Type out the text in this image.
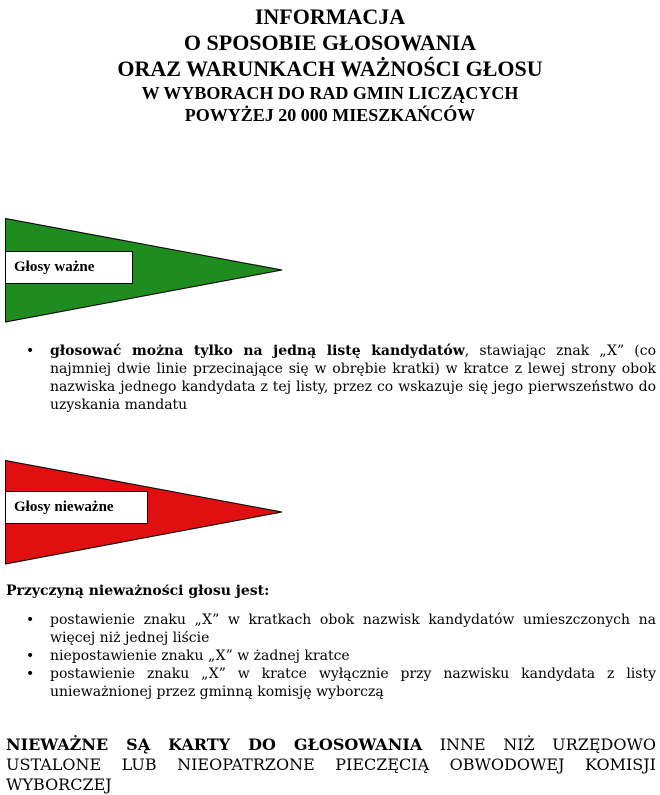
INFORMACJA
O SPOSOBIE GŁOSOWANIA
ORAZ WARUNKACH WAŻNOŚCI GŁOSU
W WYBORACH DO RAD GMIN LICZĄCYCH
POWYŻEJ 20 000 MIESZKAŃCÓW
Głosy ważne
• głosować można tylko na jedną listę kandydatów, stawiając znak „X” (co najmniej dwie linie przecinające się w obrębie kratki) w kratce z lewej strony obok nazwiska jednego kandydata z tej listy, przez co wskazuje się jego pierwszeństwo do uzyskania mandatu
Głosy nieważne
Przyczyną nieważności głosu jest:
• postawienie znaku „X” w kratkach obok nazwisk kandydatów umieszczonych na więcej niż jednej liście
• niepostawienie znaku „X” w żadnej kratce
• postawienie znaku „X” w kratce wyłącznie przy nazwisku kandydata z listy unieważnionej przez gminną komisję wyborczą
NIEWAŻNE SĄ KARTY DO GŁOSOWANIA INNE NIŻ URZĘDOWO USTALONE LUB NIEOPATRZONE PIECZĘCIĄ OBWODOWEJ KOMISJI WYBORCZEJ
